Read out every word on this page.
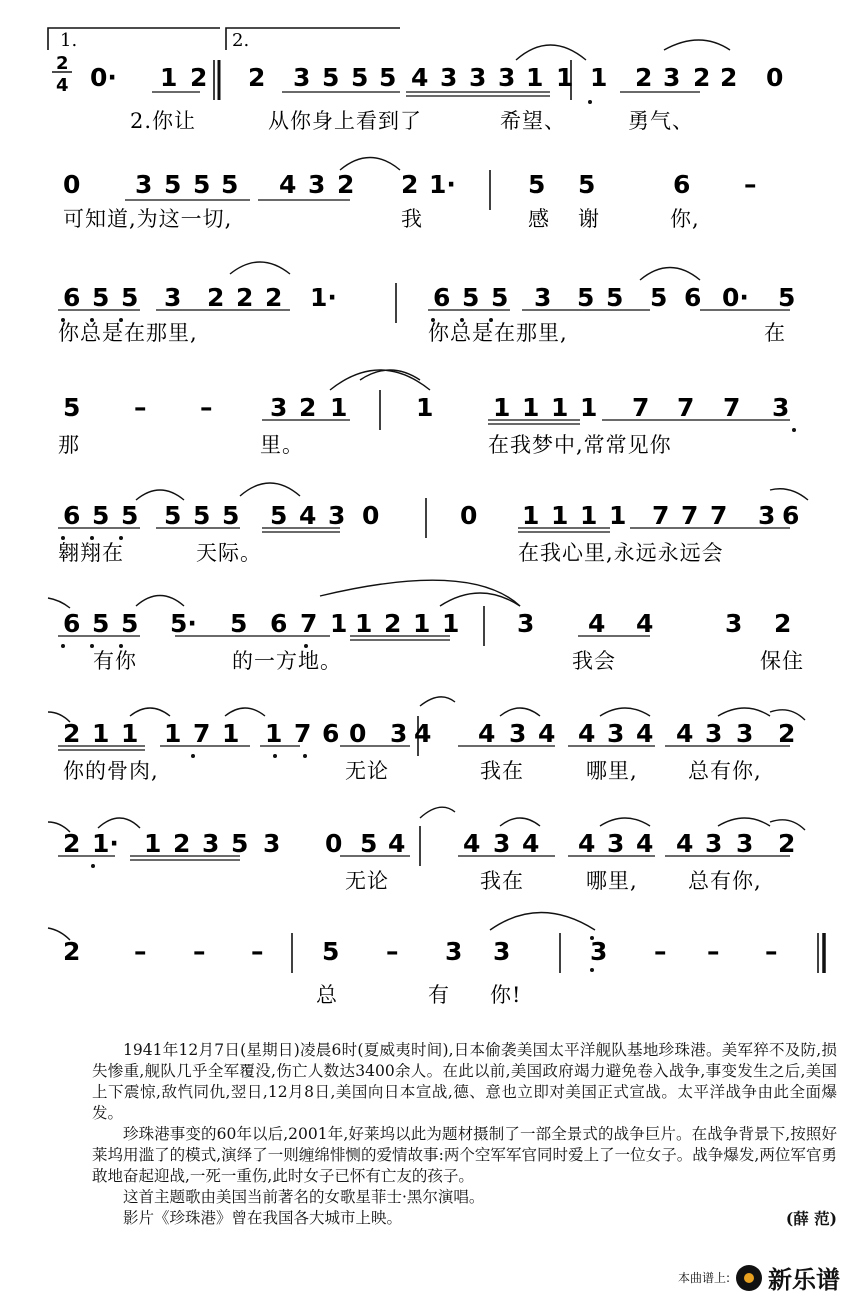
1.	2.
2
4 0· 1 2 2 3 5 5 5 4 3 3 3 1 1 1 2 3 2 2 0
0 3 5 5 5 4 3 2 2 1·	5 5	6 –
6 5 5 3 2 2 2 1·	6 5 5 3 5 5 5 6 0· 5
5 – – 3 2 1	1 1 1 1 1 7 7 7 3
6 5 5 5 5 5 5 4 3 0	0 1 1 1 1 7 7 7 3 6
6 5 5 5· 5 6 7 1 1 2 1 1 3 4 4	3 2
2 1 1 1 7 1 1 7 6 0 3 4 4 3 4 4 3 4 4 3 3 2
2 1· 1 2 3 5 3 0 5 4 4 3 4 4 3 4 4 3 3 2
2 – – – 5 – 3 3	3 – – –
2.你让	从你身上看到了	希望、	勇气、
可知道,为这一切,	我	感 谢	你,
你总是在那里,	你总是在那里,	在
那	里。	在我梦中,常常见你
翱翔在	天际。	在我心里,永远永远会
有你	的一方地。	我会	保住
你的骨肉,	无论	我在	哪里, 总有你,
无论	我在	哪里, 总有你,
总	有 你!

1941年12月7日(星期日)凌晨6时(夏威夷时间),日本偷袭美国太平洋舰队基地珍珠港。美军猝不及防,损失惨重,舰队几乎全军覆没,伤亡人数达3400余人。在此以前,美国政府竭力避免卷入战争,事变发生之后,美国上下震惊,敌忾同仇,翌日,12月8日,美国向日本宣战,德、意也立即对美国正式宣战。太平洋战争由此全面爆发。

珍珠港事变的60年以后,2001年,好莱坞以此为题材摄制了一部全景式的战争巨片。在战争背景下,按照好莱坞用滥了的模式,演绎了一则缠绵悱恻的爱情故事:两个空军军官同时爱上了一位女子。战争爆发,两位军官勇敢地奋起迎战,一死一重伤,此时女子已怀有亡友的孩子。

这首主题歌由美国当前著名的女歌星菲士·黑尔演唱。

影片《珍珠港》曾在我国各大城市上映。	(薛 范)
本曲谱上: 新乐谱
